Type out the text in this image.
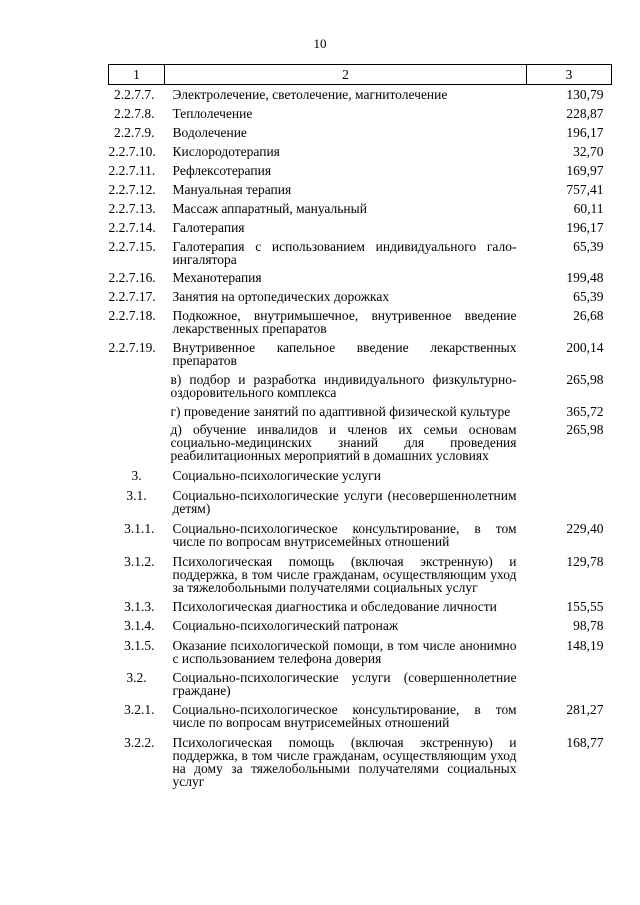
10
1	2	3
2.2.7.7.	Электролечение, светолечение, магнитолечение	130,79
2.2.7.8.	Теплолечение	228,87
2.2.7.9.	Водолечение	196,17
2.2.7.10.	Кислородотерапия	32,70
2.2.7.11.	Рефлексотерапия	169,97
2.2.7.12.	Мануальная терапия	757,41
2.2.7.13.	Массаж аппаратный, мануальный	60,11
2.2.7.14.	Галотерапия	196,17
2.2.7.15.	Галотерапия с использованием индивидуального гало-ингалятора	65,39
2.2.7.16.	Механотерапия	199,48
2.2.7.17.	Занятия на ортопедических дорожках	65,39
2.2.7.18.	Подкожное, внутримышечное, внутривенное введение лекарственных препаратов	26,68
2.2.7.19.	Внутривенное капельное введение лекарственных препаратов	200,14
	в) подбор и разработка индивидуального физкультурно-оздоровительного комплекса	265,98
	г) проведение занятий по адаптивной физической культуре	365,72
	д) обучение инвалидов и членов их семьи основам социально-медицинских знаний для проведения реабилитационных мероприятий в домашних условиях	265,98
3.	Социально-психологические услуги	
3.1.	Социально-психологические услуги (несовершеннолетним детям)	
3.1.1.	Социально-психологическое консультирование, в том числе по вопросам внутрисемейных отношений	229,40
3.1.2.	Психологическая помощь (включая экстренную) и поддержка, в том числе гражданам, осуществляющим уход за тяжелобольными получателями социальных услуг	129,78
3.1.3.	Психологическая диагностика и обследование личности	155,55
3.1.4.	Социально-психологический патронаж	98,78
3.1.5.	Оказание психологической помощи, в том числе анонимно с использованием телефона доверия	148,19
3.2.	Социально-психологические услуги (совершеннолетние граждане)	
3.2.1.	Социально-психологическое консультирование, в том числе по вопросам внутрисемейных отношений	281,27
3.2.2.	Психологическая помощь (включая экстренную) и поддержка, в том числе гражданам, осуществляющим уход на дому за тяжелобольными получателями социальных услуг	168,77
